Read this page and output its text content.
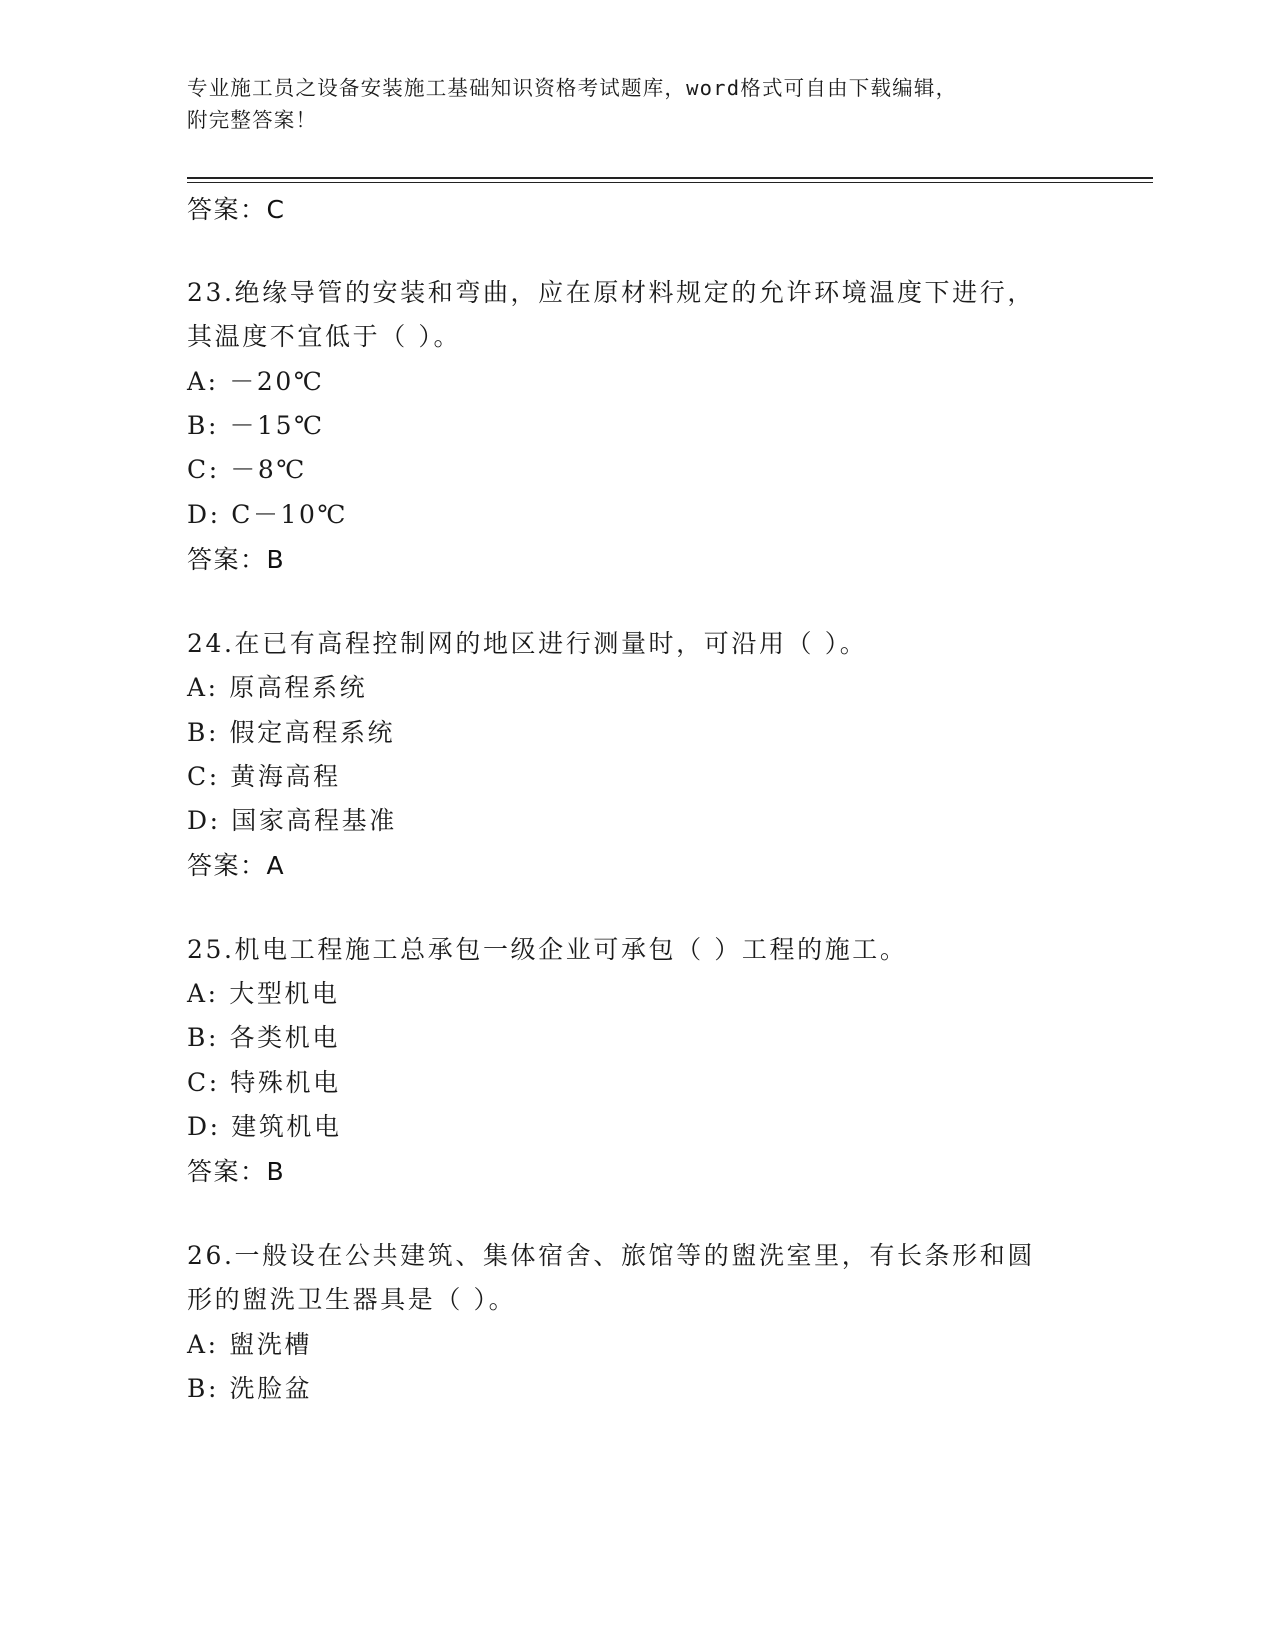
专业施工员之设备安装施工基础知识资格考试题库，word格式可自由下载编辑，
附完整答案！
答案：C
23.绝缘导管的安装和弯曲，应在原材料规定的允许环境温度下进行，
其温度不宜低于（ ）。
A: －20℃
B: －15℃
C: －8℃
D: C－10℃
答案：B
24.在已有高程控制网的地区进行测量时，可沿用（ ）。
A: 原高程系统
B: 假定高程系统
C: 黄海高程
D: 国家高程基准
答案：A
25.机电工程施工总承包一级企业可承包（ ）工程的施工。
A: 大型机电
B: 各类机电
C: 特殊机电
D: 建筑机电
答案：B
26.一般设在公共建筑、集体宿舍、旅馆等的盥洗室里，有长条形和圆
形的盥洗卫生器具是（ ）。
A: 盥洗槽
B: 洗脸盆
